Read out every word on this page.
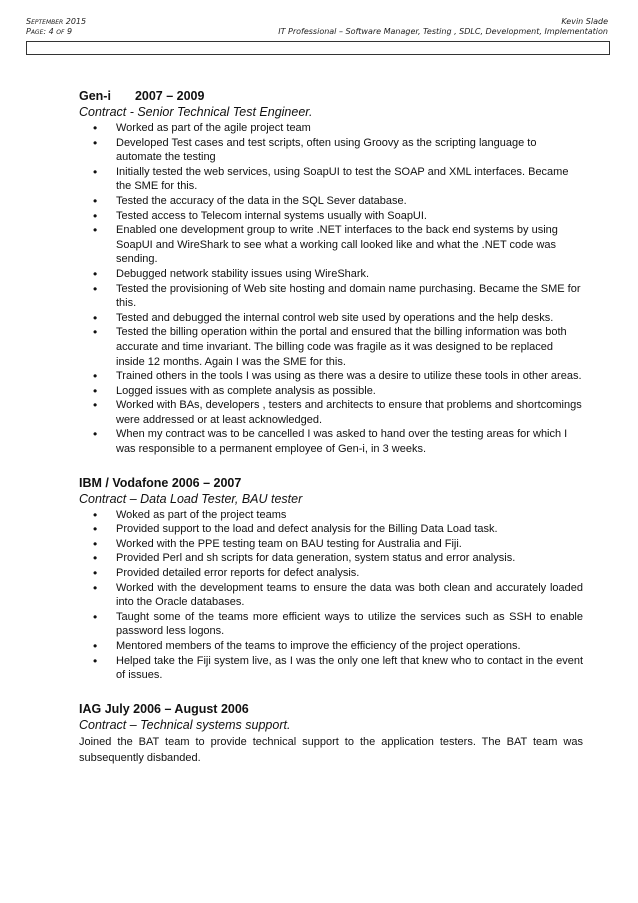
September 2015	Kevin Slade
Page: 4 of 9	IT Professional – Software Manager, Testing , SDLC, Development, Implementation

Gen-i 2007 – 2009

Contract - Senior Technical Test Engineer.

• Worked as part of the agile project team
• Developed Test cases and test scripts, often using Groovy as the scripting language to automate the testing
• Initially tested the web services, using SoapUI to test the SOAP and XML interfaces. Became the SME for this.
• Tested the accuracy of the data in the SQL Sever database.
• Tested access to Telecom internal systems usually with SoapUI.
• Enabled one development group to write .NET interfaces to the back end systems by using SoapUI and WireShark to see what a working call looked like and what the .NET code was sending.
• Debugged network stability issues using WireShark.
• Tested the provisioning of Web site hosting and domain name purchasing. Became the SME for this.
• Tested and debugged the internal control web site used by operations and the help desks.
• Tested the billing operation within the portal and ensured that the billing information was both accurate and time invariant. The billing code was fragile as it was designed to be replaced inside 12 months. Again I was the SME for this.
• Trained others in the tools I was using as there was a desire to utilize these tools in other areas.
• Logged issues with as complete analysis as possible.
• Worked with BAs, developers , testers and architects to ensure that problems and shortcomings were addressed or at least acknowledged.
• When my contract was to be cancelled I was asked to hand over the testing areas for which I was responsible to a permanent employee of Gen-i, in 3 weeks.

IBM / Vodafone 2006 – 2007

Contract – Data Load Tester, BAU tester

• Woked as part of the project teams
• Provided support to the load and defect analysis for the Billing Data Load task.
• Worked with the PPE testing team on BAU testing for Australia and Fiji.
• Provided Perl and sh scripts for data generation, system status and error analysis.
• Provided detailed error reports for defect analysis.
• Worked with the development teams to ensure the data was both clean and accurately loaded into the Oracle databases.
• Taught some of the teams more efficient ways to utilize the services such as SSH to enable password less logons.
• Mentored members of the teams to improve the efficiency of the project operations.
• Helped take the Fiji system live, as I was the only one left that knew who to contact in the event of issues.

IAG July 2006 – August 2006

Contract – Technical systems support.

Joined the BAT team to provide technical support to the application testers. The BAT team was subsequently disbanded.
